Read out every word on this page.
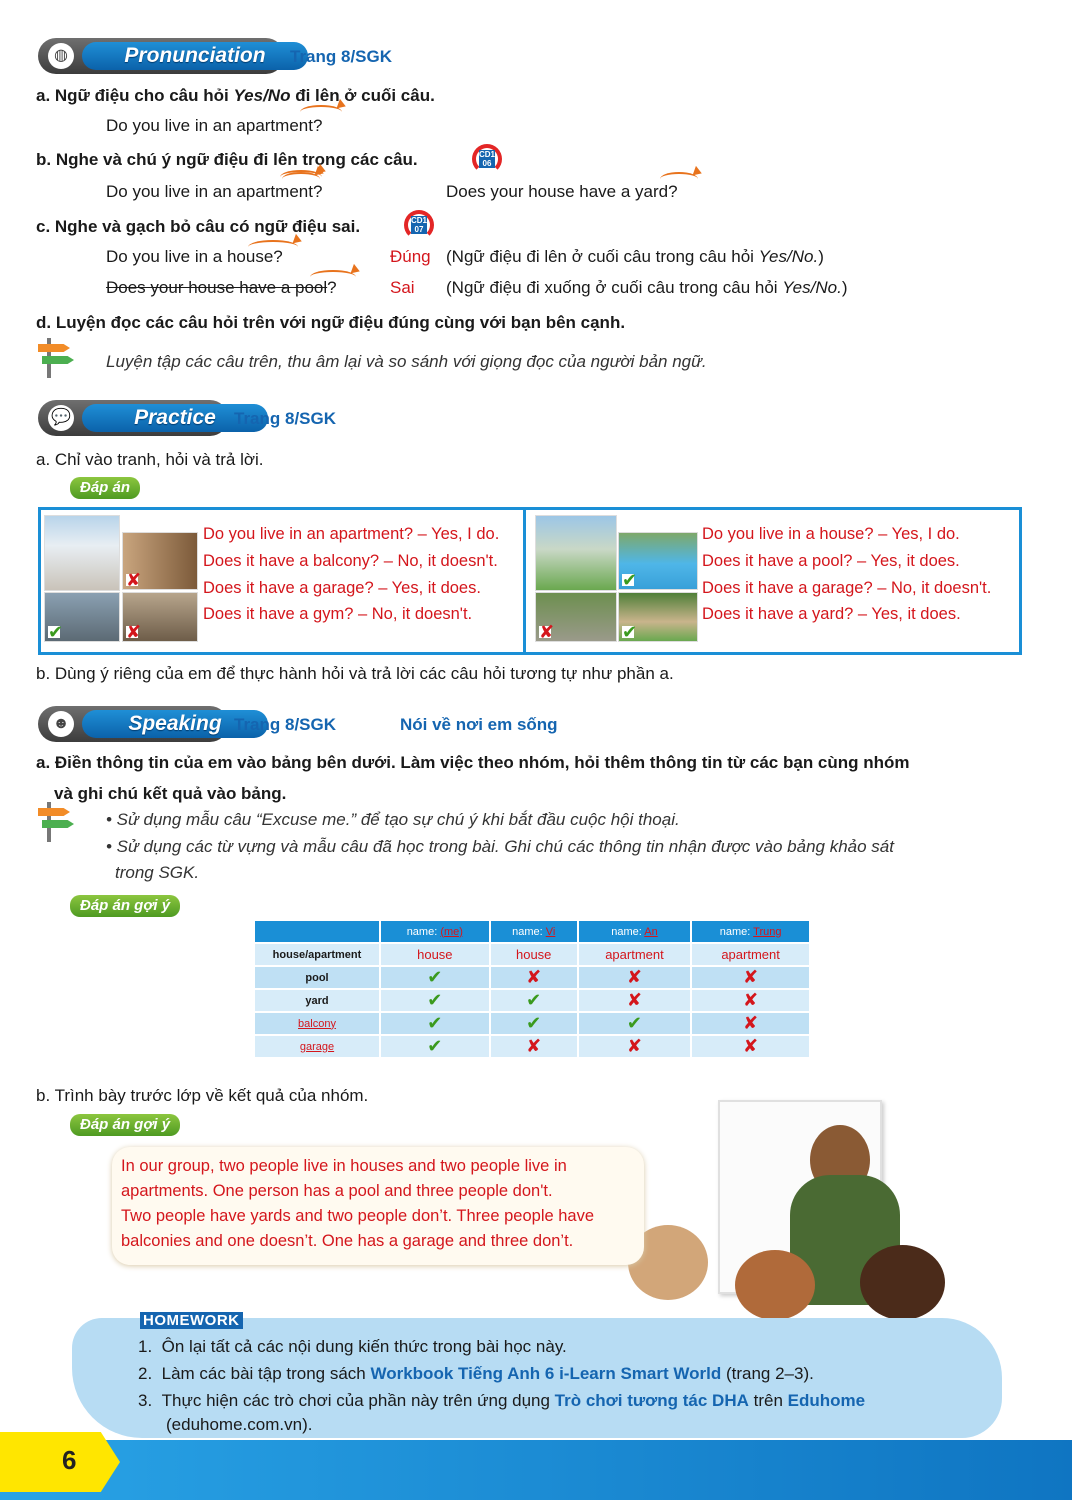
◍	Pronunciation	Trang 8/SGK
a. Ngữ điệu cho câu hỏi Yes/No đi lên ở cuối câu.
Do you live in an apartment?
b. Nghe và chú ý ngữ điệu đi lên trong các câu.	CD1
06
Do you live in an apartment?	Does your house have a yard?
c. Nghe và gạch bỏ câu có ngữ điệu sai.	CD1
07
Do you live in a house?	Đúng (Ngữ điệu đi lên ở cuối câu trong câu hỏi Yes/No.)
Does your house have a pool?	Sai (Ngữ điệu đi xuống ở cuối câu trong câu hỏi Yes/No.)
d. Luyện đọc các câu hỏi trên với ngữ điệu đúng cùng với bạn bên cạnh.
Luyện tập các câu trên, thu âm lại và so sánh với giọng đọc của người bản ngữ.
💬	Practice	Trang 8/SGK
a. Chỉ vào tranh, hỏi và trả lời.
Đáp án
✘
✔	✘
Do you live in an apartment? – Yes, I do.
Does it have a balcony? – No, it doesn't.
Does it have a garage? – Yes, it does.
Does it have a gym? – No, it doesn't.
✔
✘	✔
Do you live in a house? – Yes, I do.
Does it have a pool? – Yes, it does.
Does it have a garage? – No, it doesn't.
Does it have a yard? – Yes, it does.
b. Dùng ý riêng của em để thực hành hỏi và trả lời các câu hỏi tương tự như phần a.
☻	Speaking Trang 8/SGK	Nói về nơi em sống
a. Điền thông tin của em vào bảng bên dưới. Làm việc theo nhóm, hỏi thêm thông tin từ các bạn cùng nhóm
và ghi chú kết quả vào bảng.
• Sử dụng mẫu câu “Excuse me.” để tạo sự chú ý khi bắt đầu cuộc hội thoại.
• Sử dụng các từ vựng và mẫu câu đã học trong bài. Ghi chú các thông tin nhận được vào bảng khảo sát
trong SGK.
Đáp án gợi ý
	name: (me)	name: Vi	name: An	name: Trung
house/apartment	house	house	apartment	apartment
pool	✔	✘	✘	✘
yard	✔	✔	✘	✘
balcony	✔	✔	✔	✘
garage	✔	✘	✘	✘
b. Trình bày trước lớp về kết quả của nhóm.
Đáp án gợi ý
In our group, two people live in houses and two people live in
apartments. One person has a pool and three people don't.
Two people have yards and two people don’t. Three people have
balconies and one doesn’t. One has a garage and three don’t.
HOMEWORK
1. Ôn lại tất cả các nội dung kiến thức trong bài học này.
2. Làm các bài tập trong sách Workbook Tiếng Anh 6 i-Learn Smart World (trang 2–3).
3. Thực hiện các trò chơi của phần này trên ứng dụng Trò chơi tương tác DHA trên Eduhome
(eduhome.com.vn).
6
